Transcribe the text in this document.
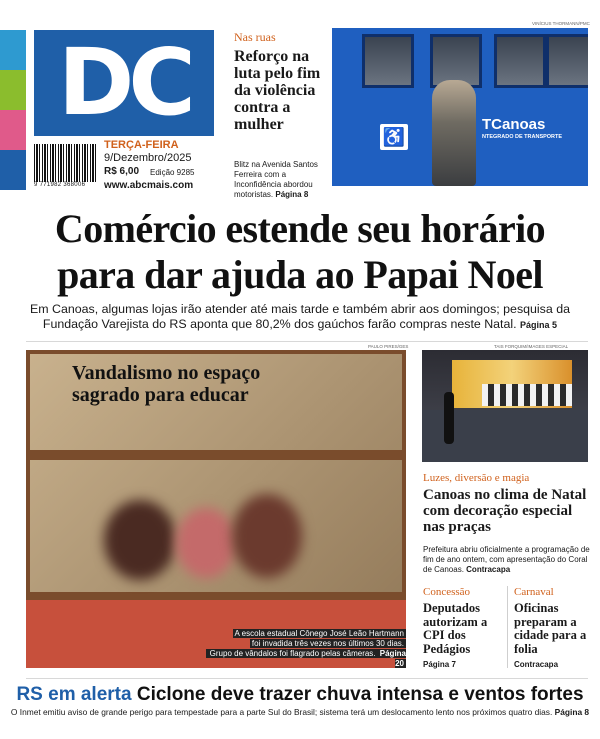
DC
9 771982 368006
TERÇA-FEIRA
9/Dezembro/2025
R$ 6,00 Edição 9285
www.abcmais.com
Nas ruas
Reforço na luta pelo fim da violência contra a mulher
Blitz na Avenida Santos Ferreira com a Inconfidência abordou motoristas. Página 8
VINÍCIUS THORMANN/PMC
♿
TCanoas
NTEGRADO DE TRANSPORTE
Comércio estende seu horário
para dar ajuda ao Papai Noel
Em Canoas, algumas lojas irão atender até mais tarde e também abrir aos domingos; pesquisa da Fundação Varejista do RS aponta que 80,2% dos gaúchos farão compras neste Natal. Página 5
PAULO PIRES/GES
Vandalismo no espaço sagrado para educar
A escola estadual Cônego José Leão Hartmann
foi invadida três vezes nos últimos 30 dias.
Grupo de vândalos foi flagrado pelas câmeras. Página 20
TAIS FORQUIM/IMAGES ESPECIAL
Luzes, diversão e magia
Canoas no clima de Natal com decoração especial nas praças
Prefeitura abriu oficialmente a programação de fim de ano ontem, com apresentação do Coral de Canoas. Contracapa
Concessão
Deputados autorizam a CPI dos Pedágios
Página 7
Carnaval
Oficinas preparam a cidade para a folia
Contracapa
RS em alerta Ciclone deve trazer chuva intensa e ventos fortes
O Inmet emitiu aviso de grande perigo para tempestade para a parte Sul do Brasil; sistema terá um deslocamento lento nos próximos quatro dias. Página 8
